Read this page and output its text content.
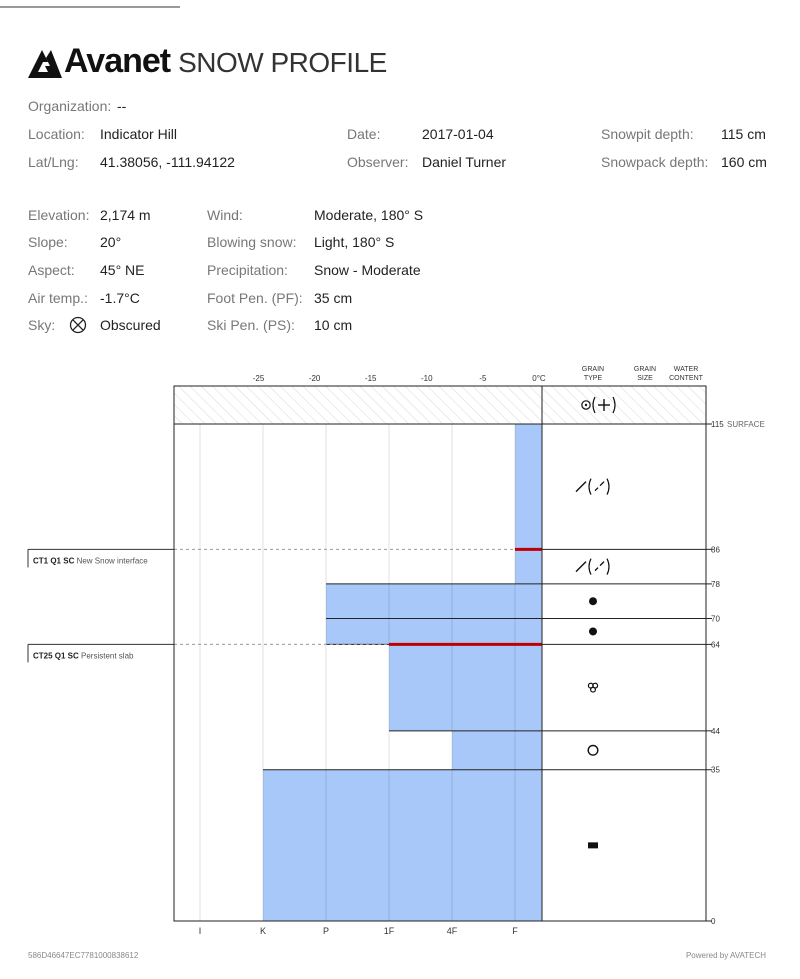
Avanet SNOW PROFILE
Organization: --
Location: Indicator Hill
Lat/Lng: 41.38056, -111.94122
Date:	2017-01-04
Observer: Daniel Turner
Snowpit depth: 115 cm
Snowpack depth: 160 cm
Elevation: 2,174 m
Slope: 20°
Aspect: 45° NE
Air temp.: -1.7°C
Sky:	Obscured
Wind:	Moderate, 180° S
Blowing snow: Light, 180° S
Precipitation: Snow - Moderate
Foot Pen. (PF): 35 cm
Ski Pen. (PS): 10 cm
-25	-20	-15	-10	-5	0°C
GRAIN
TYPE
GRAIN
SIZE
WATER
CONTENT
115 SURFACE
86
78
70
64
44
35
0
CT1 Q1 SC New Snow interface
CT25 Q1 SC Persistent slab
I	K	P	1F	4F	F
586D46647EC7781000838612	Powered by AVATECH
